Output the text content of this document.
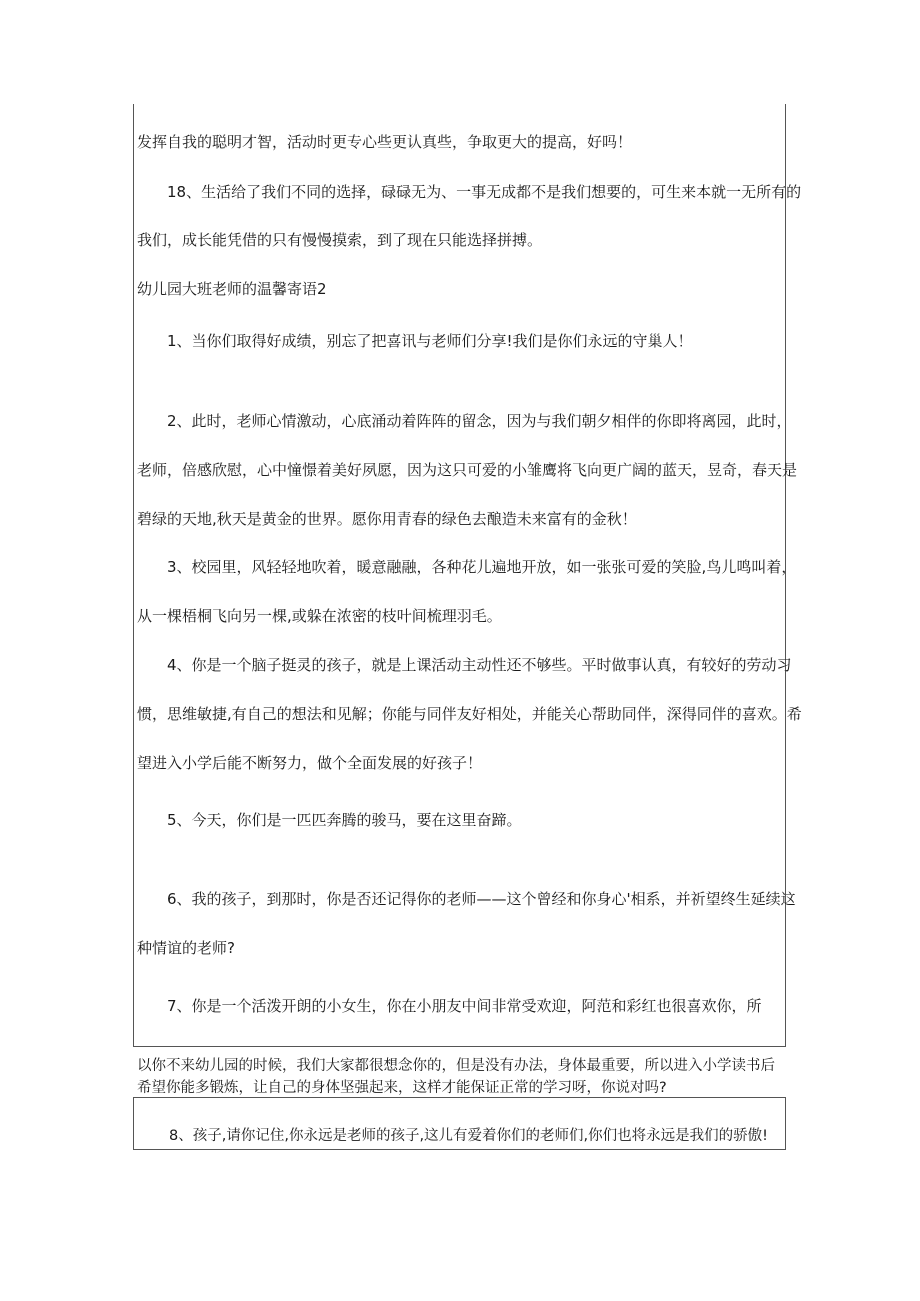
发挥自我的聪明才智，活动时更专心些更认真些，争取更大的提高，好吗！
18、生活给了我们不同的选择，碌碌无为、一事无成都不是我们想要的，可生来本就一无所有的
我们，成长能凭借的只有慢慢摸索，到了现在只能选择拼搏。
幼儿园大班老师的温馨寄语2
1、当你们取得好成绩，别忘了把喜讯与老师们分享!我们是你们永远的守巢人！
2、此时，老师心情激动，心底涌动着阵阵的留念，因为与我们朝夕相伴的你即将离园，此时，
老师，倍感欣慰，心中憧憬着美好夙愿，因为这只可爱的小雏鹰将飞向更广阔的蓝天，昱奇，春天是
碧绿的天地,秋天是黄金的世界。愿你用青春的绿色去酿造未来富有的金秋！
3、校园里，风轻轻地吹着，暖意融融，各种花儿遍地开放，如一张张可爱的笑脸,鸟儿鸣叫着，
从一棵梧桐飞向另一棵,或躲在浓密的枝叶间梳理羽毛。
4、你是一个脑子挺灵的孩子，就是上课活动主动性还不够些。平时做事认真，有较好的劳动习
惯，思维敏捷,有自己的想法和见解；你能与同伴友好相处，并能关心帮助同伴，深得同伴的喜欢。希
望进入小学后能不断努力，做个全面发展的好孩子！
5、今天，你们是一匹匹奔腾的骏马，要在这里奋蹄。
6、我的孩子，到那时，你是否还记得你的老师——这个曾经和你身心'相系，并祈望终生延续这
种情谊的老师?
7、你是一个活泼开朗的小女生，你在小朋友中间非常受欢迎，阿范和彩红也很喜欢你，所
以你不来幼儿园的时候，我们大家都很想念你的，但是没有办法，身体最重要，所以进入小学读书后
希望你能多锻炼，让自己的身体坚强起来，这样才能保证正常的学习呀，你说对吗?
8、孩子,请你记住,你永远是老师的孩子,这儿有爱着你们的老师们,你们也将永远是我们的骄傲!
